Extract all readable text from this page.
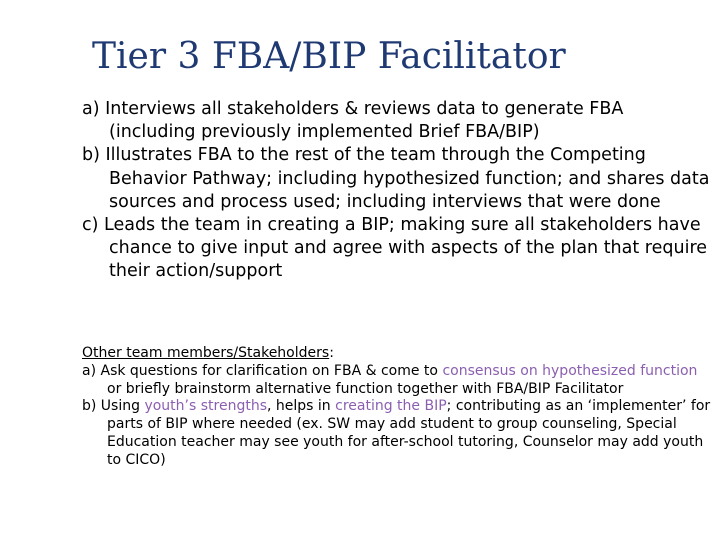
Tier 3 FBA/BIP Facilitator
a) Interviews all stakeholders & reviews data to generate FBA (including previously implemented Brief FBA/BIP)
b) Illustrates FBA to the rest of the team through the Competing Behavior Pathway; including hypothesized function; and shares data sources and process used; including interviews that were done
c) Leads the team in creating a BIP; making sure all stakeholders have chance to give input and agree with aspects of the plan that require their action/support
Other team members/Stakeholders:
a) Ask questions for clarification on FBA & come to consensus on hypothesized function or briefly brainstorm alternative function together with FBA/BIP Facilitator
b) Using youth’s strengths, helps in creating the BIP; contributing as an ‘implementer’ for parts of BIP where needed (ex. SW may add student to group counseling, Special Education teacher may see youth for after-school tutoring, Counselor may add youth to CICO)
